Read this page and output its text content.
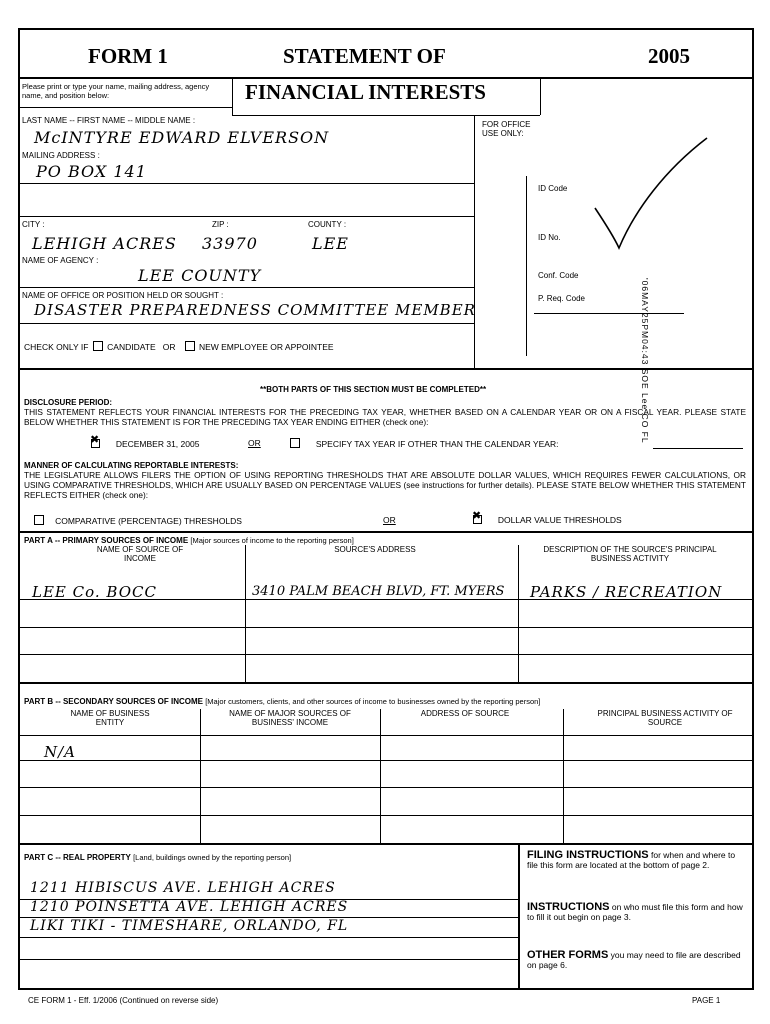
FORM 1	STATEMENT OF	2005
Please print or type your name, mailing address, agency name, and position below:	FINANCIAL INTERESTS
LAST NAME -- FIRST NAME -- MIDDLE NAME :
McINTYRE EDWARD ELVERSON
MAILING ADDRESS :
PO BOX 141
CITY :	ZIP :	COUNTY :
LEHIGH ACRES 33970	LEE
NAME OF AGENCY :
LEE COUNTY
NAME OF OFFICE OR POSITION HELD OR SOUGHT :
DISASTER PREPAREDNESS COMMITTEE MEMBER
CHECK ONLY IF CANDIDATE OR	NEW EMPLOYEE OR APPOINTEE
FOR OFFICE USE ONLY:
ID Code
ID No.
Conf. Code
P. Req. Code	'06MAY25PM04:43 SOE Lee CO FL
**BOTH PARTS OF THIS SECTION MUST BE COMPLETED**
DISCLOSURE PERIOD:
THIS STATEMENT REFLECTS YOUR FINANCIAL INTERESTS FOR THE PRECEDING TAX YEAR, WHETHER BASED ON A CALENDAR YEAR OR ON A FISCAL YEAR. PLEASE STATE BELOW WHETHER THIS STATEMENT IS FOR THE PRECEDING TAX YEAR ENDING EITHER (check one):
✖     DECEMBER 31, 2005	OR	SPECIFY TAX YEAR IF OTHER THAN THE CALENDAR YEAR:
MANNER OF CALCULATING REPORTABLE INTERESTS:
THE LEGISLATURE ALLOWS FILERS THE OPTION OF USING REPORTING THRESHOLDS THAT ARE ABSOLUTE DOLLAR VALUES, WHICH REQUIRES FEWER CALCULATIONS, OR USING COMPARATIVE THRESHOLDS, WHICH ARE USUALLY BASED ON PERCENTAGE VALUES (see instructions for further details). PLEASE STATE BELOW WHETHER THIS STATEMENT REFLECTS EITHER (check one):
COMPARATIVE (PERCENTAGE) THRESHOLDS	OR
✖	DOLLAR VALUE THRESHOLDS
PART A -- PRIMARY SOURCES OF INCOME [Major sources of income to the reporting person]
NAME OF SOURCE OF INCOME
SOURCE'S ADDRESS	DESCRIPTION OF THE SOURCE'S PRINCIPAL BUSINESS ACTIVITY
LEE Co. BOCC	3410 PALM BEACH BLVD, FT. MYERS PARKS / RECREATION
PART B -- SECONDARY SOURCES OF INCOME [Major customers, clients, and other sources of income to businesses owned by the reporting person]
NAME OF BUSINESS ENTITY
NAME OF MAJOR SOURCES OF BUSINESS' INCOME
ADDRESS OF SOURCE	PRINCIPAL BUSINESS ACTIVITY OF SOURCE
N/A
PART C -- REAL PROPERTY [Land, buildings owned by the reporting person]
1211 HIBISCUS AVE. LEHIGH ACRES
1210 POINSETTA AVE. LEHIGH ACRES
LIKI TIKI - TIMESHARE, ORLANDO, FL
FILING INSTRUCTIONS for when and where to file this form are located at the bottom of page 2.
INSTRUCTIONS on who must file this form and how to fill it out begin on page 3.
OTHER FORMS you may need to file are described on page 6.
CE FORM 1 - Eff. 1/2006 (Continued on reverse side)	PAGE 1
